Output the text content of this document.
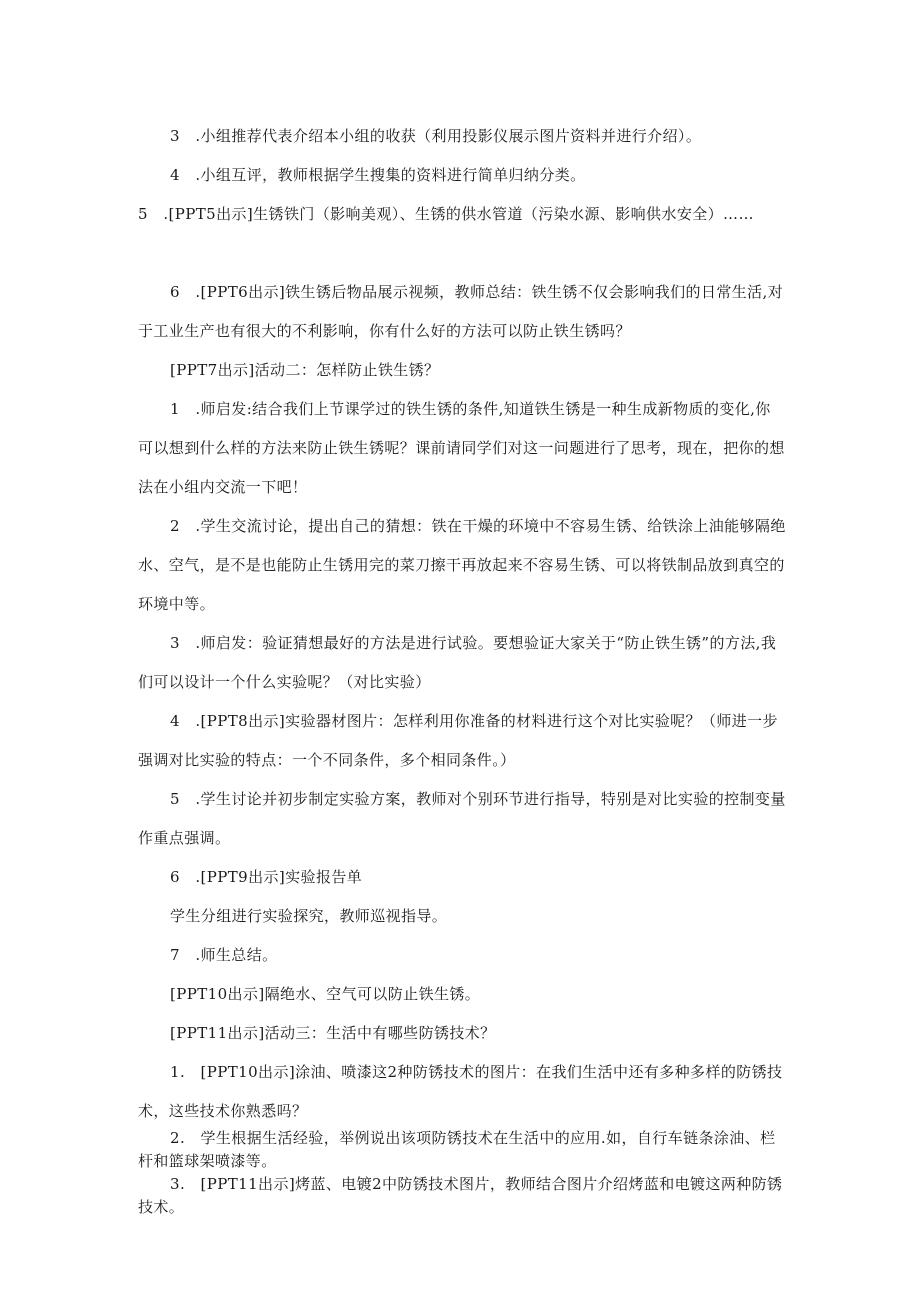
3　.小组推荐代表介绍本小组的收获（利用投影仪展示图片资料并进行介绍）。
4　.小组互评，教师根据学生搜集的资料进行简单归纳分类。
5　.[PPT5出示]生锈铁门（影响美观）、生锈的供水管道（污染水源、影响供水安全）……
6　.[PPT6出示]铁生锈后物品展示视频，教师总结：铁生锈不仅会影响我们的日常生活,对于工业生产也有很大的不利影响，你有什么好的方法可以防止铁生锈吗？
[PPT7出示]活动二：怎样防止铁生锈？
1　.师启发:结合我们上节课学过的铁生锈的条件,知道铁生锈是一种生成新物质的变化,你可以想到什么样的方法来防止铁生锈呢？课前请同学们对这一问题进行了思考，现在，把你的想法在小组内交流一下吧！
2　.学生交流讨论，提出自己的猜想：铁在干燥的环境中不容易生锈、给铁涂上油能够隔绝水、空气，是不是也能防止生锈用完的菜刀擦干再放起来不容易生锈、可以将铁制品放到真空的环境中等。
3　.师启发：验证猜想最好的方法是进行试验。要想验证大家关于“防止铁生锈”的方法,我们可以设计一个什么实验呢？（对比实验）
4　.[PPT8出示]实验器材图片：怎样利用你准备的材料进行这个对比实验呢？（师进一步强调对比实验的特点：一个不同条件，多个相同条件。）
5　.学生讨论并初步制定实验方案，教师对个别环节进行指导，特别是对比实验的控制变量作重点强调。
6　.[PPT9出示]实验报告单
学生分组进行实验探究，教师巡视指导。
7　.师生总结。
[PPT10出示]隔绝水、空气可以防止铁生锈。
[PPT11出示]活动三：生活中有哪些防锈技术？
1.　[PPT10出示]涂油、喷漆这2种防锈技术的图片：在我们生活中还有多种多样的防锈技术，这些技术你熟悉吗？
2.　学生根据生活经验，举例说出该项防锈技术在生活中的应用.如，自行车链条涂油、栏杆和篮球架喷漆等。
3.　[PPT11出示]烤蓝、电镀2中防锈技术图片，教师结合图片介绍烤蓝和电镀这两种防锈技术。
